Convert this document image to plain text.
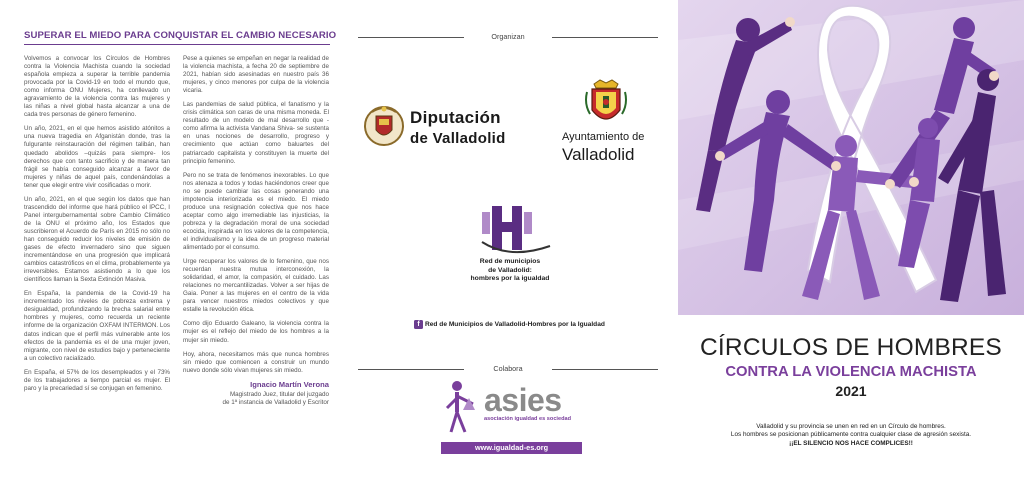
SUPERAR EL MIEDO PARA CONQUISTAR EL CAMBIO NECESARIO

Volvemos a convocar los Círculos de Hombres contra la Violencia Machista cuando la sociedad española empieza a superar la terrible pandemia provocada por la Covid-19 en todo el mundo que, como informa ONU Mujeres, ha conllevado un agravamiento de la violencia contra las mujeres y las niñas a nivel global hasta alcanzar a una de cada tres personas de género femenino.

Un año, 2021, en el que hemos asistido atónitos a una nueva tragedia en Afganistán donde, tras la fulgurante reinstauración del régimen talibán, han quedado abolidos –quizás para siempre- los derechos que con tanto sacrificio y de manera tan frágil se había conseguido alcanzar a favor de mujeres y niñas de aquel país, condenándolas a tener que elegir entre vivir cosificadas o morir.

Un año, 2021, en el que según los datos que han trascendido del informe que hará público el IPCC, I Panel intergubernamental sobre Cambio Climático de la ONU el próximo año, los Estados que suscribieron el Acuerdo de París en 2015 no sólo no han conseguido reducir los niveles de emisión de gases de efecto invernadero sino que siguen incrementándose en una progresión que implicará cambios catastróficos en el clima, probablemente ya irreversibles. Estamos asistiendo a lo que los científicos llaman la Sexta Extinción Masiva.

En España, la pandemia de la Covid-19 ha incrementado los niveles de pobreza extrema y desigualdad, profundizando la brecha salarial entre hombres y mujeres, como recuerda un reciente informe de la organización OXFAM INTERMON. Los datos indican que el perfil más vulnerable ante los efectos de la pandemia es el de una mujer joven, migrante, con nivel de estudios bajo y perteneciente a un colectivo racializado.

En España, el 57% de los desempleados y el 73% de los trabajadores a tiempo parcial es mujer. El paro y la precariedad sí se conjugan en femenino.

Pese a quienes se empeñan en negar la realidad de la violencia machista, a fecha 20 de septiembre de 2021, habían sido asesinadas en nuestro país 36 mujeres, y cinco menores por culpa de la violencia vicaria.

Las pandemias de salud pública, el fanatismo y la crisis climática son caras de una misma moneda. El resultado de un modelo de mal desarrollo que - como afirma la activista Vandana Shiva- se sustenta en unas nociones de desarrollo, progreso y crecimiento que actúan como baluartes del patriarcado capitalista y constituyen la muerte del principio femenino.

Pero no se trata de fenómenos inexorables. Lo que nos atenaza a todos y todas haciéndonos creer que no se puede cambiar las cosas generando una impotencia interiorizada es el miedo. El miedo produce una resignación colectiva que nos hace aceptar como algo irremediable las injusticias, la pobreza y la degradación moral de una sociedad ecocida, inspirada en los valores de la competencia, el individualismo y la idea de un progreso material alimentado por el consumo.

Urge recuperar los valores de lo femenino, que nos recuerdan nuestra mutua interconexión, la solidaridad, el amor, la compasión, el cuidado. Las relaciones no mercantilizadas. Volver a ser hijas de Gaia. Poner a las mujeres en el centro de la vida para vencer nuestros miedos colectivos y que estalle la revolución ética.

Como dijo Eduardo Galeano, la violencia contra la mujer es el reflejo del miedo de los hombres a la mujer sin miedo.

Hoy, ahora, necesitamos más que nunca hombres sin miedo que comiencen a construir un mundo nuevo donde sólo vivan mujeres sin miedo.

Ignacio Martín Verona
Magistrado Juez, titular del juzgado
de 1ª instancia de Valladolid y Escritor
Organizan
Diputación
de Valladolid	Ayuntamiento de
Valladolid
Red de municipios
de Valladolid:
hombres por la igualdad
f Red de Municipios de Valladolid-Hombres por la Igualdad
Colabora
asies
asociación igualdad es sociedad
www.igualdad-es.org
CÍRCULOS DE HOMBRES
CONTRA LA VIOLENCIA MACHISTA
2021
Valladolid y su provincia se unen en red en un Círculo de hombres.
Los hombres se posicionan públicamente contra cualquier clase de agresión sexista.
¡¡EL SILENCIO NOS HACE COMPLICES!!
